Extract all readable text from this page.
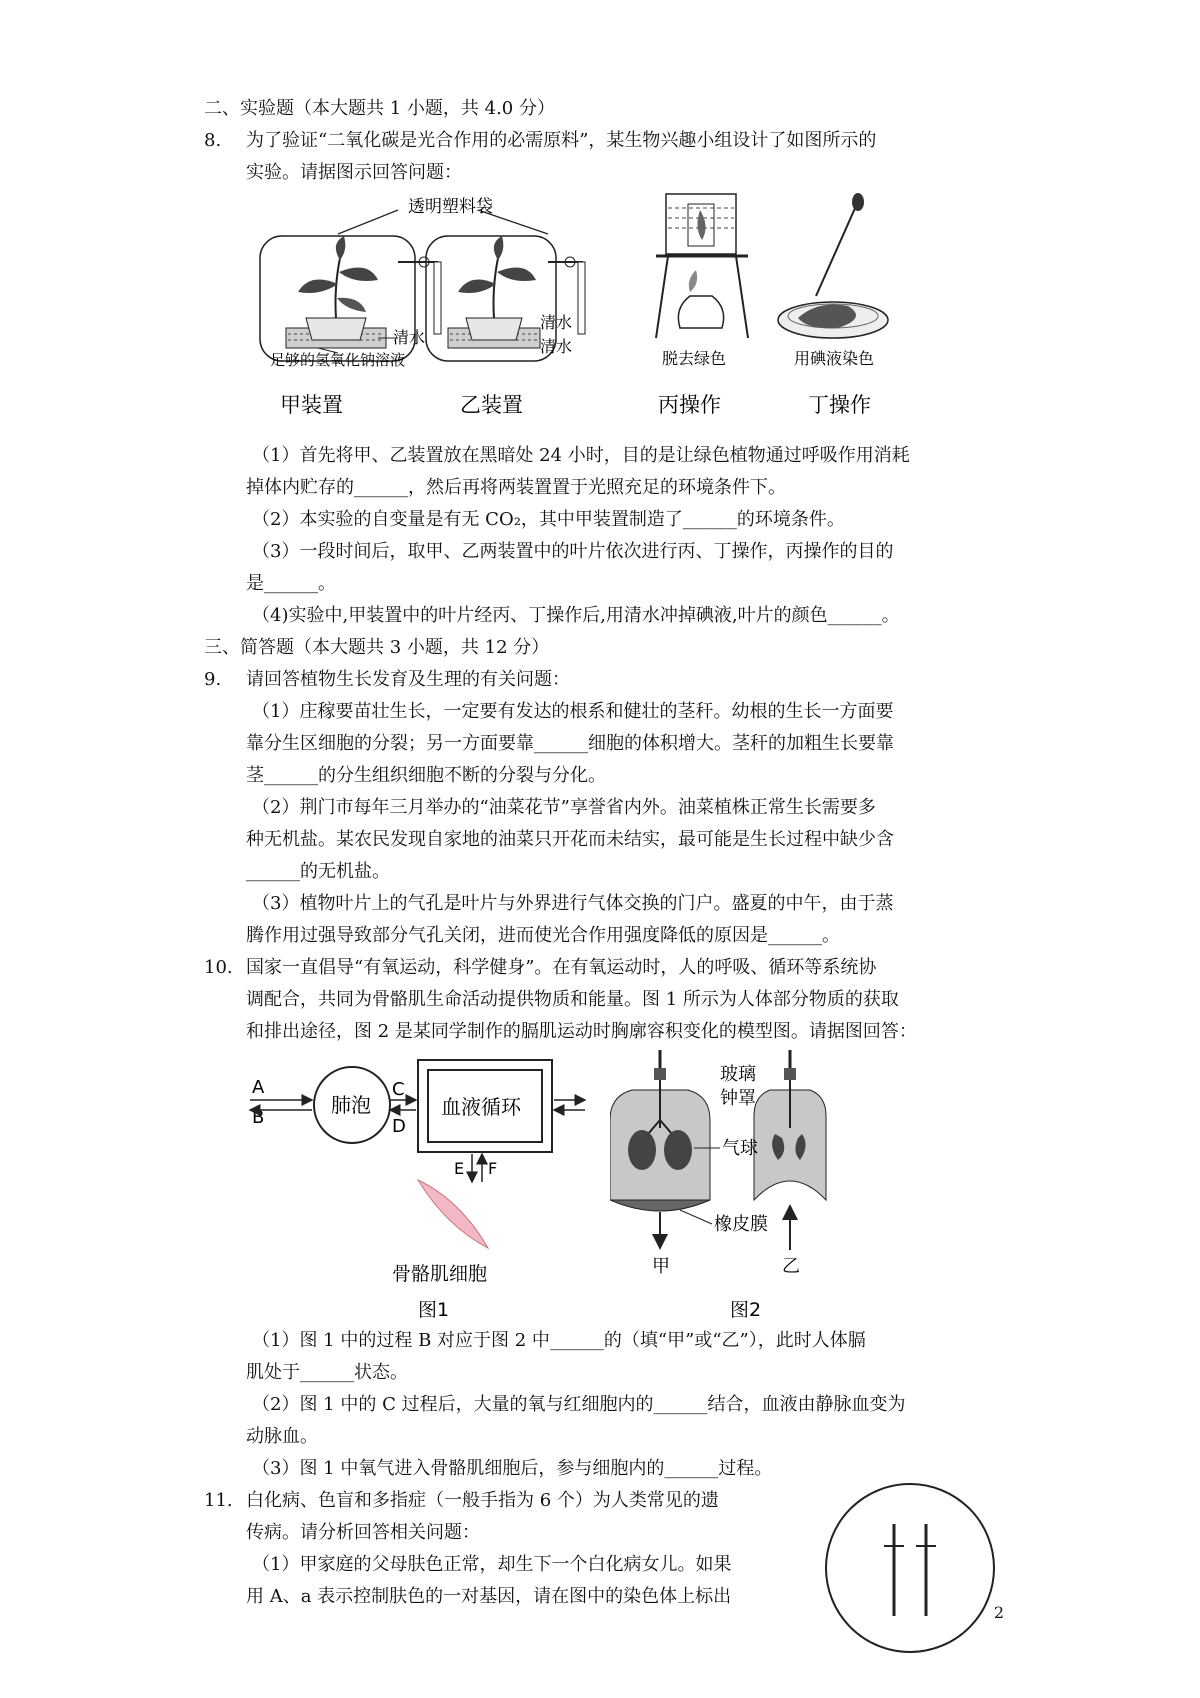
二、实验题（本大题共 1 小题，共 4.0 分）
8. 为了验证“二氧化碳是光合作用的必需原料”，某生物兴趣小组设计了如图所示的
实验。请据图示回答问题：
透明塑料袋
清水
足够的氢氧化钠溶液
甲装置
清水
清水
乙装置
脱去绿色
丙操作
用碘液染色
丁操作
（1）首先将甲、乙装置放在黑暗处 24 小时，目的是让绿色植物通过呼吸作用消耗
掉体内贮存的______，然后再将两装置置于光照充足的环境条件下。
（2）本实验的自变量是有无 CO₂，其中甲装置制造了______的环境条件。
（3）一段时间后，取甲、乙两装置中的叶片依次进行丙、丁操作，丙操作的目的
是______。
（4)实验中,甲装置中的叶片经丙、丁操作后,用清水冲掉碘液,叶片的颜色______。
三、简答题（本大题共 3 小题，共 12 分）
9. 请回答植物生长发育及生理的有关问题：
（1）庄稼要苗壮生长，一定要有发达的根系和健壮的茎秆。幼根的生长一方面要
靠分生区细胞的分裂；另一方面要靠______细胞的体积增大。茎秆的加粗生长要靠
茎______的分生组织细胞不断的分裂与分化。
（2）荆门市每年三月举办的“油菜花节”享誉省内外。油菜植株正常生长需要多
种无机盐。某农民发现自家地的油菜只开花而未结实，最可能是生长过程中缺少含
______的无机盐。
（3）植物叶片上的气孔是叶片与外界进行气体交换的门户。盛夏的中午，由于蒸
腾作用过强导致部分气孔关闭，进而使光合作用强度降低的原因是______。
10. 国家一直倡导“有氧运动，科学健身”。在有氧运动时，人的呼吸、循环等系统协
调配合，共同为骨骼肌生命活动提供物质和能量。图 1 所示为人体部分物质的获取
和排出途径，图 2 是某同学制作的膈肌运动时胸廓容积变化的模型图。请据图回答：
A
B
肺泡
C
D
血液循环
E F
骨骼肌细胞
图1
玻璃
钟罩
气球
橡皮膜
甲	乙
图2
（1）图 1 中的过程 B 对应于图 2 中______的（填“甲”或“乙”），此时人体膈
肌处于______状态。
（2）图 1 中的 C 过程后，大量的氧与红细胞内的______结合，血液由静脉血变为
动脉血。
（3）图 1 中氧气进入骨骼肌细胞后，参与细胞内的______过程。
11. 白化病、色盲和多指症（一般手指为 6 个）为人类常见的遗
传病。请分析回答相关问题：
（1）甲家庭的父母肤色正常，却生下一个白化病女儿。如果
用 A、a 表示控制肤色的一对基因，请在图中的染色体上标出
2
